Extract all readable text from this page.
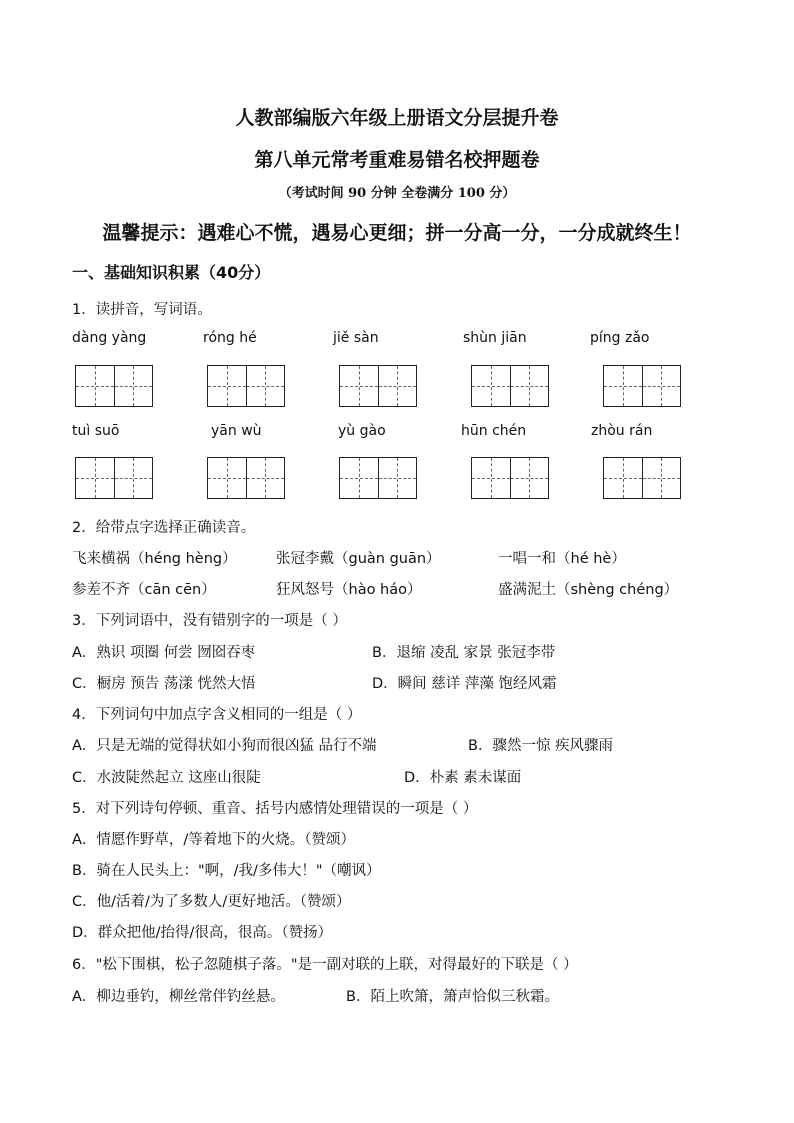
人教部编版六年级上册语文分层提升卷
第八单元常考重难易错名校押题卷
（考试时间 90 分钟 全卷满分 100 分）
温馨提示：遇难心不慌，遇易心更细；拼一分高一分，一分成就终生！
一、基础知识积累（40分）
1．读拼音，写词语。
dàng yàng	róng hé	jiě sàn	shùn jiān	píng zǎo
tuì suō	yān wù	yù gào	hūn chén	zhòu rán
2．给带点字选择正确读音。
飞来横祸（héng hèng）	张冠李戴（guàn guān）	一唱一和（hé hè）
参差不齐（cān cēn）	狂风怒号（hào háo）	盛满泥土（shèng chéng）
3．下列词语中，没有错别字的一项是（ ）
A．熟识 项圈 何尝 囫囵吞枣	B．退缩 凌乱 家景 张冠李带
C．橱房 预告 荡漾 恍然大悟	D．瞬间 慈详 萍藻 饱经风霜
4．下列词句中加点字含义相同的一组是（ ）
A．只是无端的觉得状如小狗而很凶猛 品行不端	B．骤然一惊 疾风骤雨
C．水波陡然起立 这座山很陡	D．朴素 素未谋面
5．对下列诗句停顿、重音、括号内感情处理错误的一项是（ ）
A．情愿作野草，/等着地下的火烧。（赞颂）
B．骑在人民头上："啊，/我/多伟大！"（嘲讽）
C．他/活着/为了多数人/更好地活。（赞颂）
D．群众把他/抬得/很高，很高。（赞扬）
6．"松下围棋，松子忽随棋子落。"是一副对联的上联，对得最好的下联是（ ）
A．柳边垂钓，柳丝常伴钓丝悬。	B．陌上吹箫，箫声恰似三秋霜。
